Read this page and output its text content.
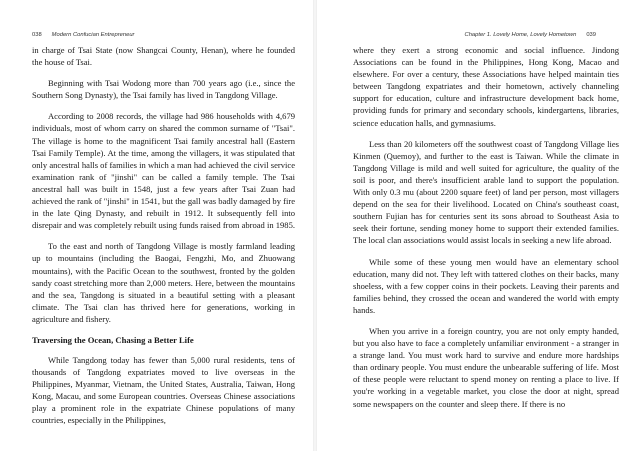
038 Modern Confucian Entrepreneur

in charge of Tsai State (now Shangcai County, Henan), where he founded the house of Tsai.

Beginning with Tsai Wodong more than 700 years ago (i.e., since the Southern Song Dynasty), the Tsai family has lived in Tangdong Village.

According to 2008 records, the village had 986 households with 4,679 individuals, most of whom carry on shared the common surname of "Tsai". The village is home to the magnificent Tsai family ancestral hall (Eastern Tsai Family Temple). At the time, among the villagers, it was stipulated that only ancestral halls of families in which a man had achieved the civil service examination rank of "jinshi" can be called a family temple. The Tsai ancestral hall was built in 1548, just a few years after Tsai Zuan had achieved the rank of "jinshi" in 1541, but the gall was badly damaged by fire in the late Qing Dynasty, and rebuilt in 1912. It subsequently fell into disrepair and was completely rebuilt using funds raised from abroad in 1985.

To the east and north of Tangdong Village is mostly farmland leading up to mountains (including the Baogai, Fengzhi, Mo, and Zhuowang mountains), with the Pacific Ocean to the southwest, fronted by the golden sandy coast stretching more than 2,000 meters. Here, between the mountains and the sea, Tangdong is situated in a beautiful setting with a pleasant climate. The Tsai clan has thrived here for generations, working in agriculture and fishery.

Traversing the Ocean, Chasing a Better Life

While Tangdong today has fewer than 5,000 rural residents, tens of thousands of Tangdong expatriates moved to live overseas in the Philippines, Myanmar, Vietnam, the United States, Australia, Taiwan, Hong Kong, Macau, and some European countries. Overseas Chinese associations play a prominent role in the expatriate Chinese populations of many countries, especially in the Philippines,

Chapter 1. Lovely Home, Lovely Hometown 039

where they exert a strong economic and social influence. Jindong Associations can be found in the Philippines, Hong Kong, Macao and elsewhere. For over a century, these Associations have helped maintain ties between Tangdong expatriates and their hometown, actively channeling support for education, culture and infrastructure development back home, providing funds for primary and secondary schools, kindergartens, libraries, science education halls, and gymnasiums.

Less than 20 kilometers off the southwest coast of Tangdong Village lies Kinmen (Quemoy), and further to the east is Taiwan. While the climate in Tangdong Village is mild and well suited for agriculture, the quality of the soil is poor, and there's insufficient arable land to support the population. With only 0.3 mu (about 2200 square feet) of land per person, most villagers depend on the sea for their livelihood. Located on China's southeast coast, southern Fujian has for centuries sent its sons abroad to Southeast Asia to seek their fortune, sending money home to support their extended families. The local clan associations would assist locals in seeking a new life abroad.

While some of these young men would have an elementary school education, many did not. They left with tattered clothes on their backs, many shoeless, with a few copper coins in their pockets. Leaving their parents and families behind, they crossed the ocean and wandered the world with empty hands.

When you arrive in a foreign country, you are not only empty handed, but you also have to face a completely unfamiliar environment - a stranger in a strange land. You must work hard to survive and endure more hardships than ordinary people. You must endure the unbearable suffering of life. Most of these people were reluctant to spend money on renting a place to live. If you're working in a vegetable market, you close the door at night, spread some newspapers on the counter and sleep there. If there is no
